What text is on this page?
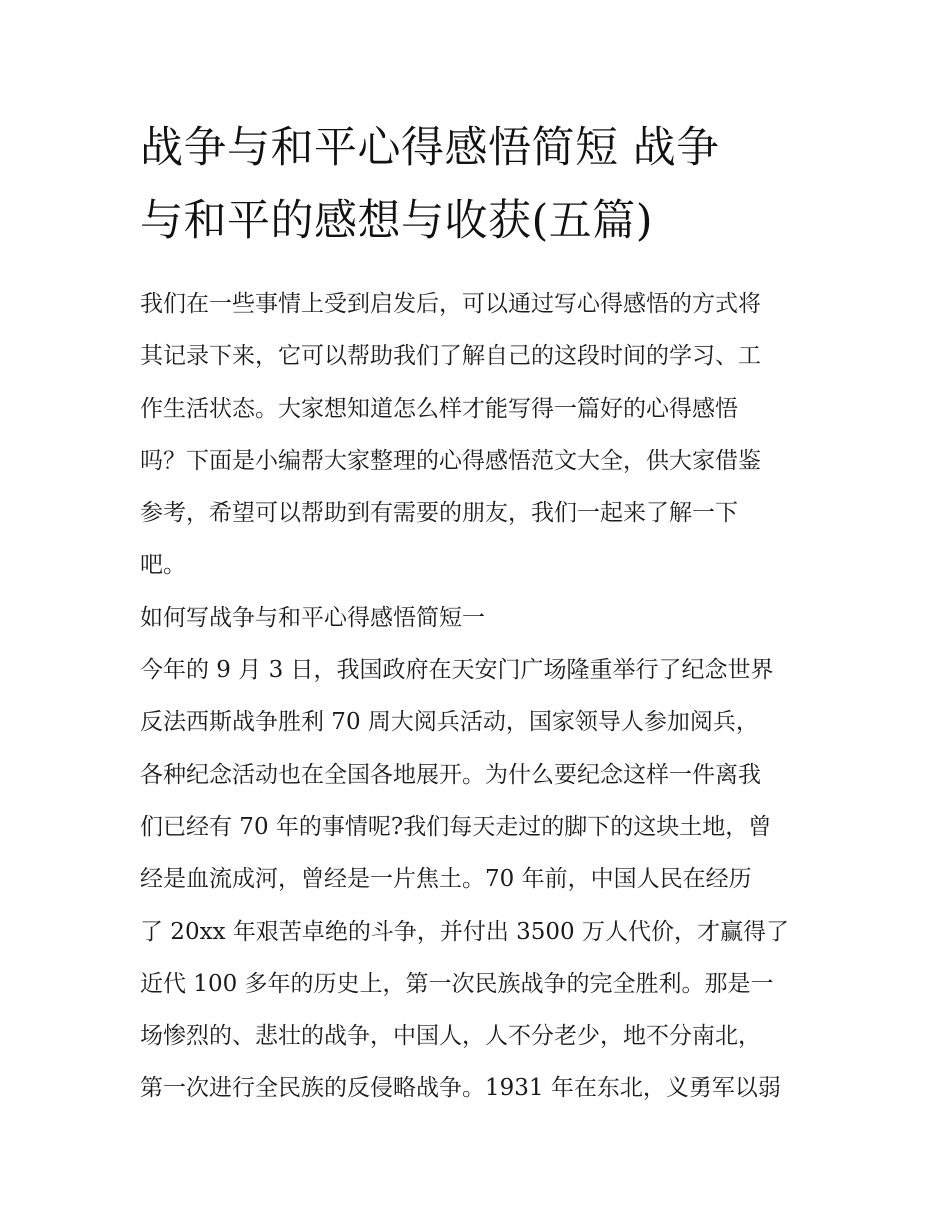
战争与和平心得感悟简短 战争
与和平的感想与收获(五篇)
我们在一些事情上受到启发后，可以通过写心得感悟的方式将
其记录下来，它可以帮助我们了解自己的这段时间的学习、工
作生活状态。大家想知道怎么样才能写得一篇好的心得感悟
吗？下面是小编帮大家整理的心得感悟范文大全，供大家借鉴
参考，希望可以帮助到有需要的朋友，我们一起来了解一下
吧。
如何写战争与和平心得感悟简短一
今年的 9 月 3 日，我国政府在天安门广场隆重举行了纪念世界
反法西斯战争胜利 70 周大阅兵活动，国家领导人参加阅兵，
各种纪念活动也在全国各地展开。为什么要纪念这样一件离我
们已经有 70 年的事情呢?我们每天走过的脚下的这块土地，曾
经是血流成河，曾经是一片焦土。70 年前，中国人民在经历
了 20xx 年艰苦卓绝的斗争，并付出 3500 万人代价，才赢得了
近代 100 多年的历史上，第一次民族战争的完全胜利。那是一
场惨烈的、悲壮的战争，中国人，人不分老少，地不分南北，
第一次进行全民族的反侵略战争。1931 年在东北，义勇军以弱
